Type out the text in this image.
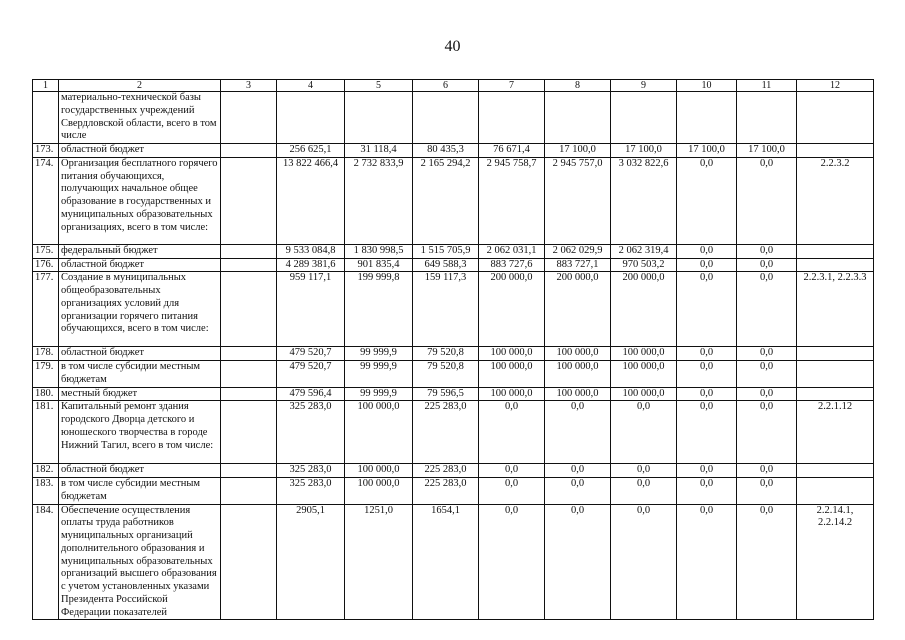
40
1	2	3	4	5	6	7	8	9	10	11	12
	материально-технической базы государственных учреждений Свердловской области, всего в том числе										
173.	областной бюджет		256 625,1	31 118,4	80 435,3	76 671,4	17 100,0	17 100,0	17 100,0	17 100,0	
174.	Организация бесплатного горячего питания обучающихся, получающих начальное общее образование в государственных и муниципальных образовательных организациях, всего в том числе:		13 822 466,4	2 732 833,9	2 165 294,2	2 945 758,7	2 945 757,0	3 032 822,6	0,0	0,0	2.2.3.2
175.	федеральный бюджет		9 533 084,8	1 830 998,5	1 515 705,9	2 062 031,1	2 062 029,9	2 062 319,4	0,0	0,0	
176.	областной бюджет		4 289 381,6	901 835,4	649 588,3	883 727,6	883 727,1	970 503,2	0,0	0,0	
177.	Создание в муниципальных общеобразовательных организациях условий для организации горячего питания обучающихся, всего в том числе:		959 117,1	199 999,8	159 117,3	200 000,0	200 000,0	200 000,0	0,0	0,0	2.2.3.1, 2.2.3.3
178.	областной бюджет		479 520,7	99 999,9	79 520,8	100 000,0	100 000,0	100 000,0	0,0	0,0	
179.	в том числе субсидии местным бюджетам		479 520,7	99 999,9	79 520,8	100 000,0	100 000,0	100 000,0	0,0	0,0	
180.	местный бюджет		479 596,4	99 999,9	79 596,5	100 000,0	100 000,0	100 000,0	0,0	0,0	
181.	Капитальный ремонт здания городского Дворца детского и юношеского творчества в городе Нижний Тагил, всего в том числе:		325 283,0	100 000,0	225 283,0	0,0	0,0	0,0	0,0	0,0	2.2.1.12
182.	областной бюджет		325 283,0	100 000,0	225 283,0	0,0	0,0	0,0	0,0	0,0	
183.	в том числе субсидии местным бюджетам		325 283,0	100 000,0	225 283,0	0,0	0,0	0,0	0,0	0,0	
184.	Обеспечение осуществления оплаты труда работников муниципальных организаций дополнительного образования и муниципальных образовательных организаций высшего образования с учетом установленных указами Президента Российской Федерации показателей		2905,1	1251,0	1654,1	0,0	0,0	0,0	0,0	0,0	2.2.14.1, 2.2.14.2
